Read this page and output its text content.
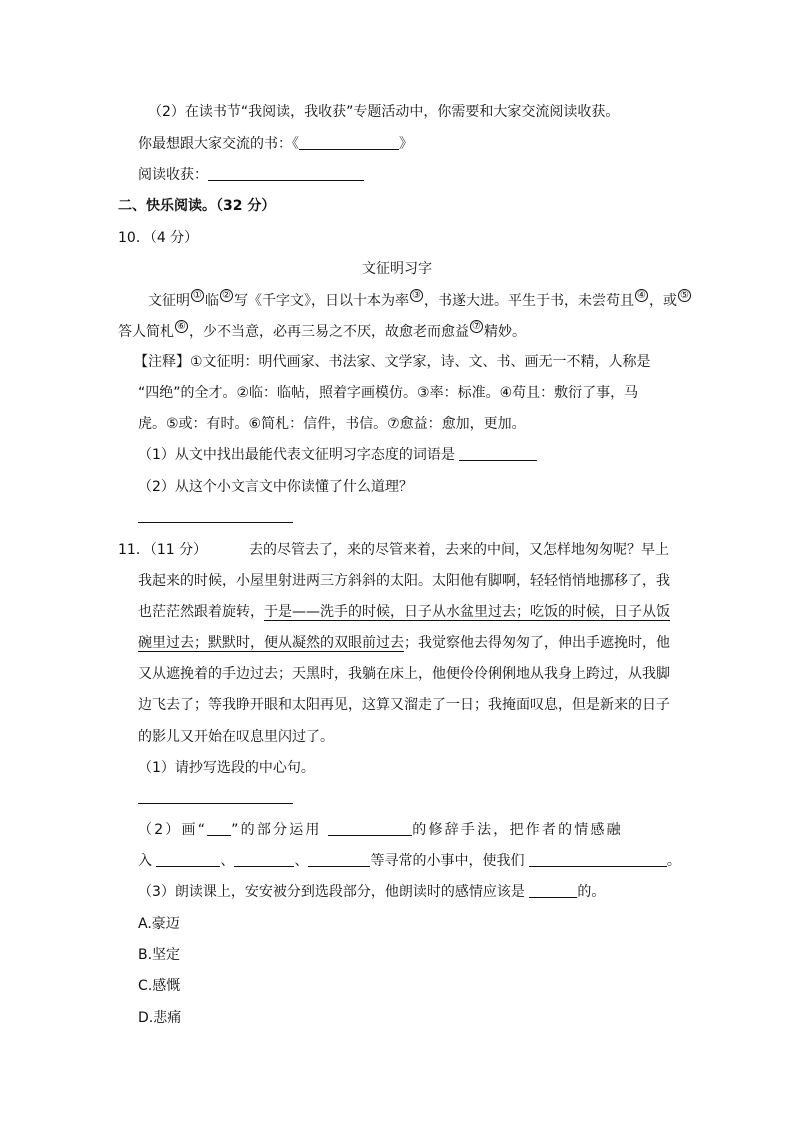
（2）在读书节“我阅读，我收获”专题活动中，你需要和大家交流阅读收获。
你最想跟大家交流的书：《	》
阅读收获：
二、快乐阅读。（32 分）
10．（4 分）
文征明习字
文征明 ① 临 ② 写《千字文》，日以十本为率 ③ ，书遂大进。平生于书，未尝苟且 ④ ，或 ⑤
答人简札 ⑥ ，少不当意，必再三易之不厌，故愈老而愈益 ⑦ 精妙。
【注释】①文征明：明代画家、书法家、文学家，诗、文、书、画无一不精，人称是
“四绝”的全才。②临：临帖，照着字画模仿。③率：标准。④苟且：敷衍了事，马
虎。⑤或：有时。⑥简札：信件，书信。⑦愈益：愈加，更加。
（1）从文中找出最能代表文征明习字态度的词语是
（2）从这个小文言文中你读懂了什么道理？
11．（11 分）	去的尽管去了，来的尽管来着，去来的中间，又怎样地匆匆呢？早上
我起来的时候，小屋里射进两三方斜斜的太阳。太阳他有脚啊，轻轻悄悄地挪移了，我
也茫茫然跟着旋转，于是——洗手的时候，日子从水盆里过去；吃饭的时候，日子从饭
碗里过去；默默时，便从凝然的双眼前过去；我觉察他去得匆匆了，伸出手遮挽时，他
又从遮挽着的手边过去；天黑时，我躺在床上，他便伶伶俐俐地从我身上跨过，从我脚
边飞去了；等我睁开眼和太阳再见，这算又溜走了一日；我掩面叹息，但是新来的日子
的影儿又开始在叹息里闪过了。
（1）请抄写选段的中心句。
（2）画“ ”的部分运用	的修辞手法，把作者的情感融
入	、	、	等寻常的小事中，使我们	。
（3）朗读课上，安安被分到选段部分，他朗读时的感情应该是	的。
A.豪迈
B.坚定
C.感慨
D.悲痛
